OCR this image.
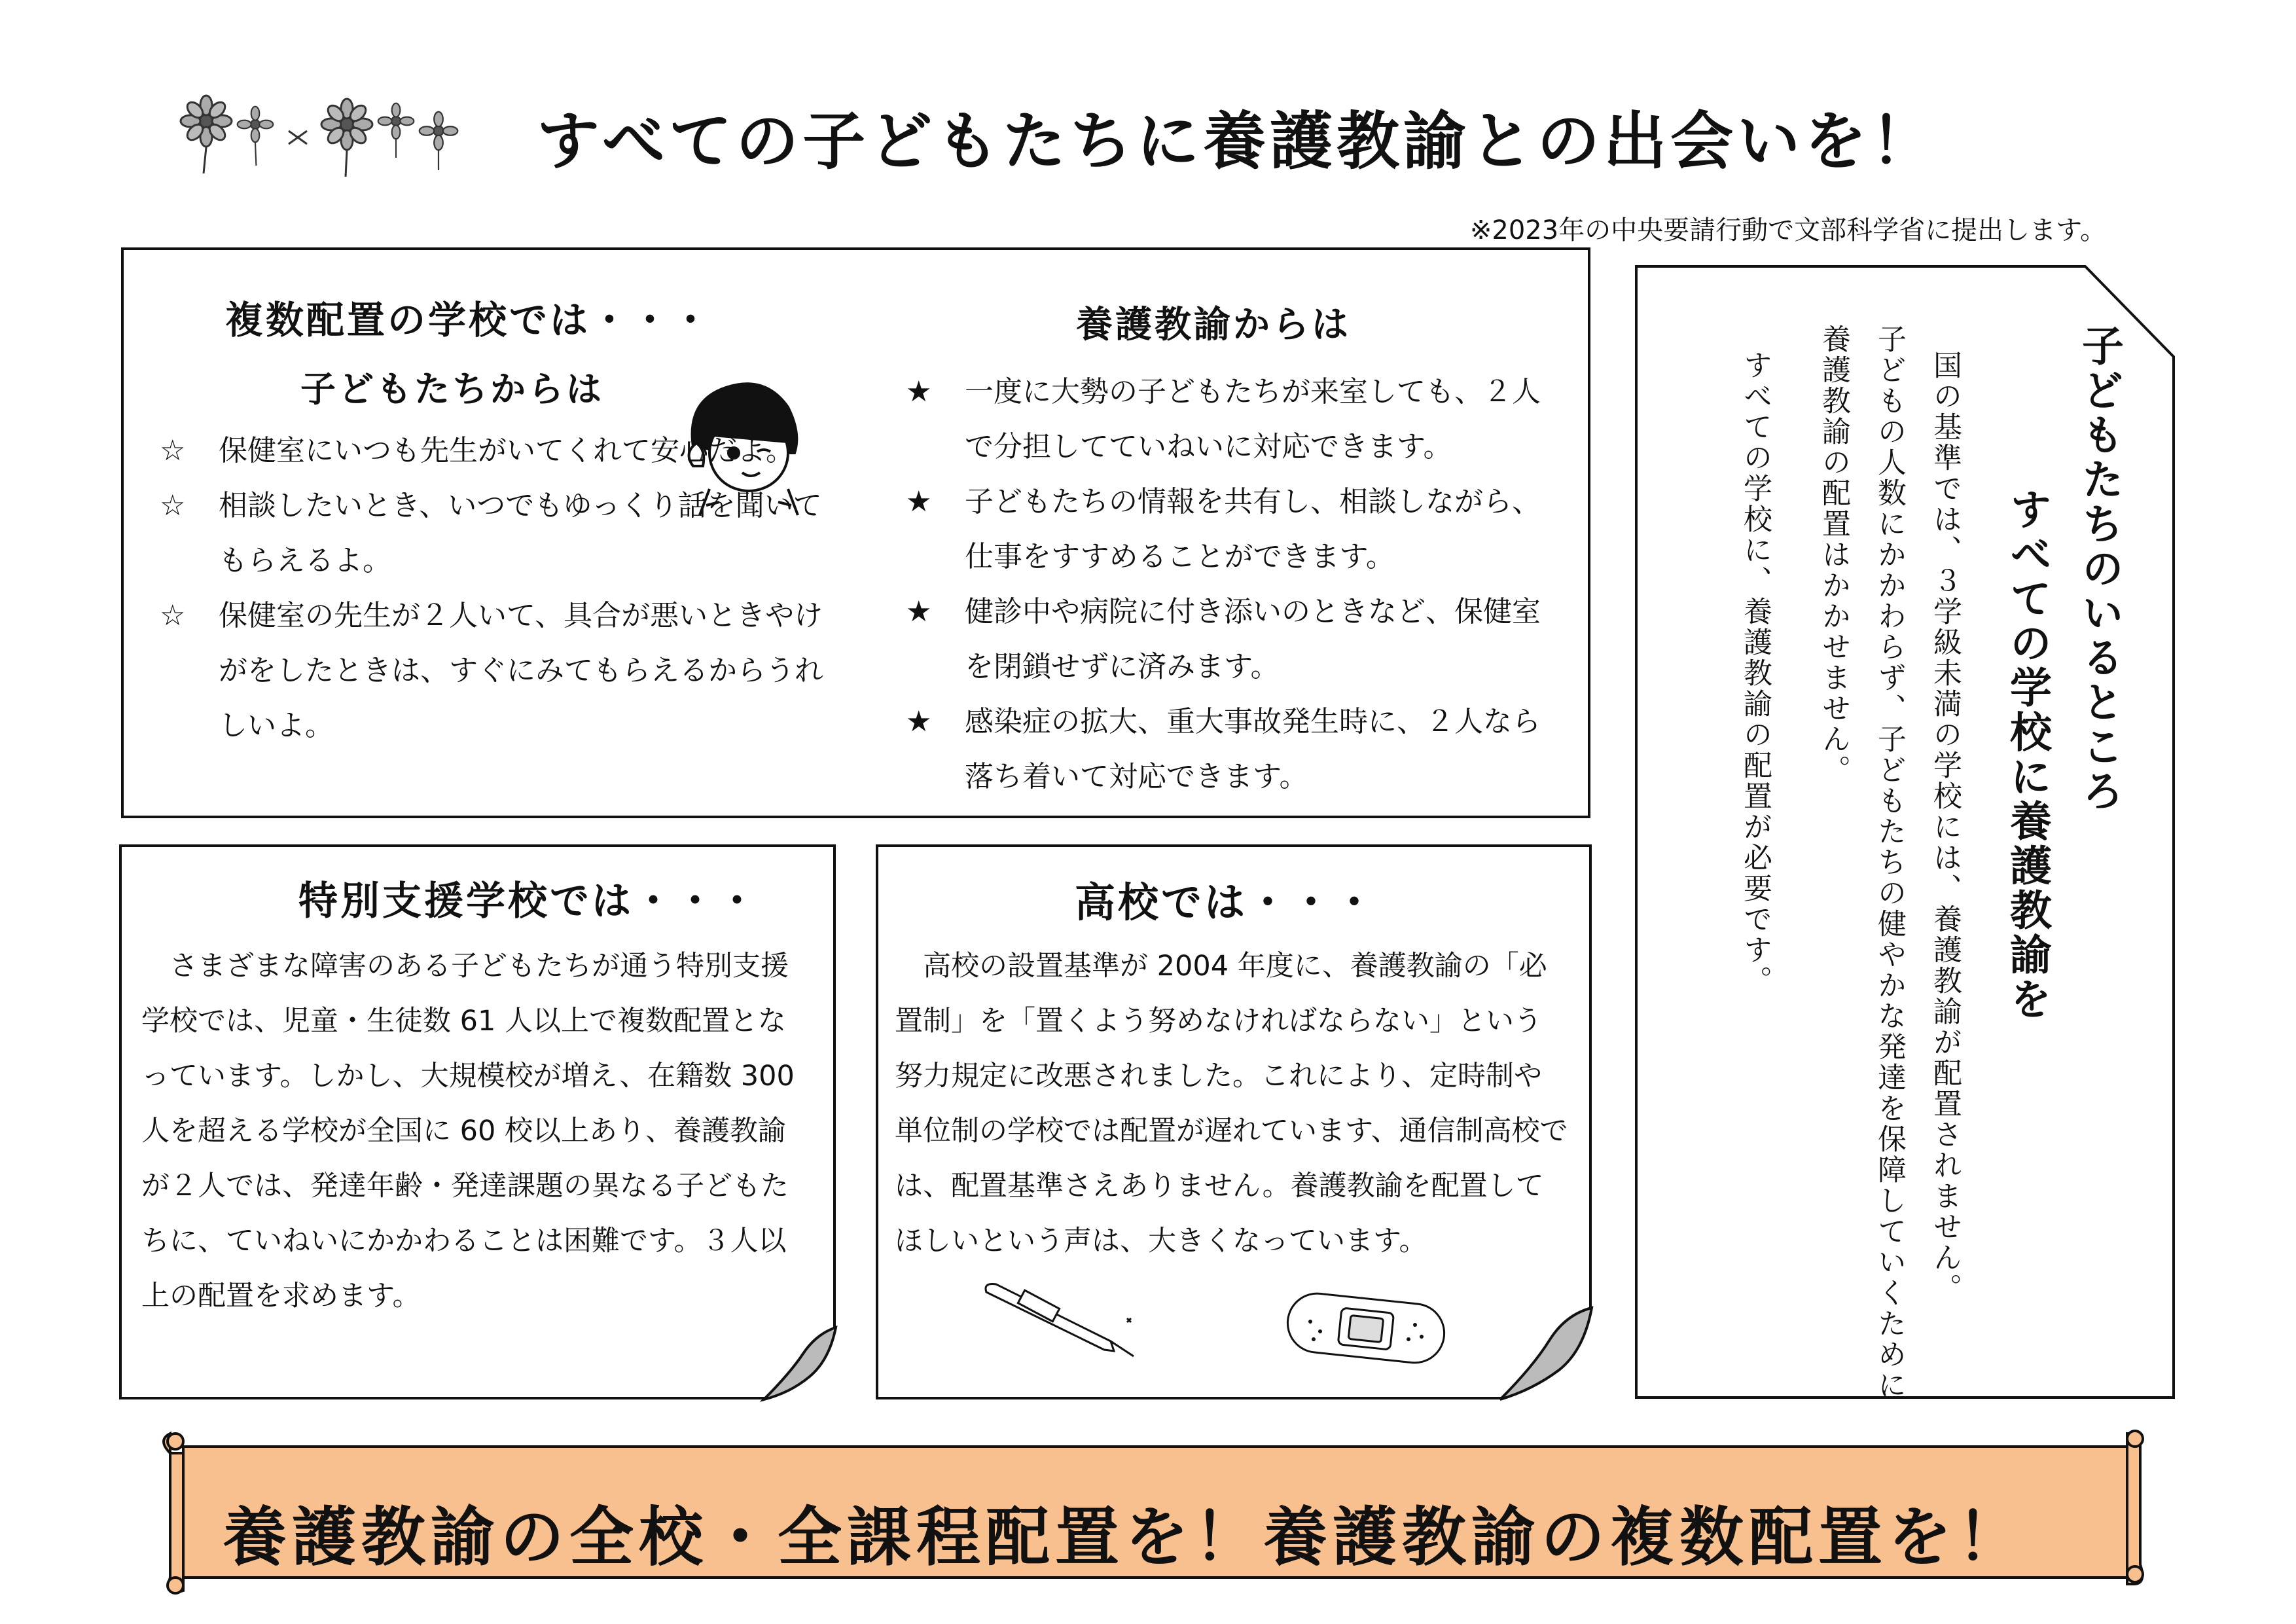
すべての子どもたちに養護教諭との出会いを！
※2023年の中央要請行動で文部科学省に提出します。
複数配置の学校では・・・
子どもたちからは
☆ 保健室にいつも先生がいてくれて安心だよ。
☆ 相談したいとき、いつでもゆっくり話を聞いてもらえるよ。
☆ 保健室の先生が２人いて、具合が悪いときやけがをしたときは、すぐにみてもらえるからうれしいよ。
養護教諭からは
★ 一度に大勢の子どもたちが来室しても、２人で分担してていねいに対応できます。
★ 子どもたちの情報を共有し、相談しながら、仕事をすすめることができます。
★ 健診中や病院に付き添いのときなど、保健室を閉鎖せずに済みます。
★ 感染症の拡大、重大事故発生時に、２人なら落ち着いて対応できます。
特別支援学校では・・・

さまざまな障害のある子どもたちが通う特別支援学校では、児童・生徒数 61 人以上で複数配置となっています。しかし、大規模校が増え、在籍数 300 人を超える学校が全国に 60 校以上あり、養護教諭が２人では、発達年齢・発達課題の異なる子どもたちに、ていねいにかかわることは困難です。３人以上の配置を求めます。

高校では・・・

高校の設置基準が 2004 年度に、養護教諭の「必置制」を「置くよう努めなければならない」という努力規定に改悪されました。これにより、定時制や単位制の学校では配置が遅れています、通信制高校では、配置基準さえありません。養護教諭を配置してほしいという声は、大きくなっています。

子どもたちのいるところ
すべての学校に養護教諭を
国の基準では、３学級未満の学校には、養護教諭が配置されません。
子どもの人数にかかわらず、子どもたちの健やかな発達を保障していくために
養護教諭の配置はかかせません。
すべての学校に、養護教諭の配置が必要です。
養護教諭の全校・全課程配置を！養護教諭の複数配置を！
